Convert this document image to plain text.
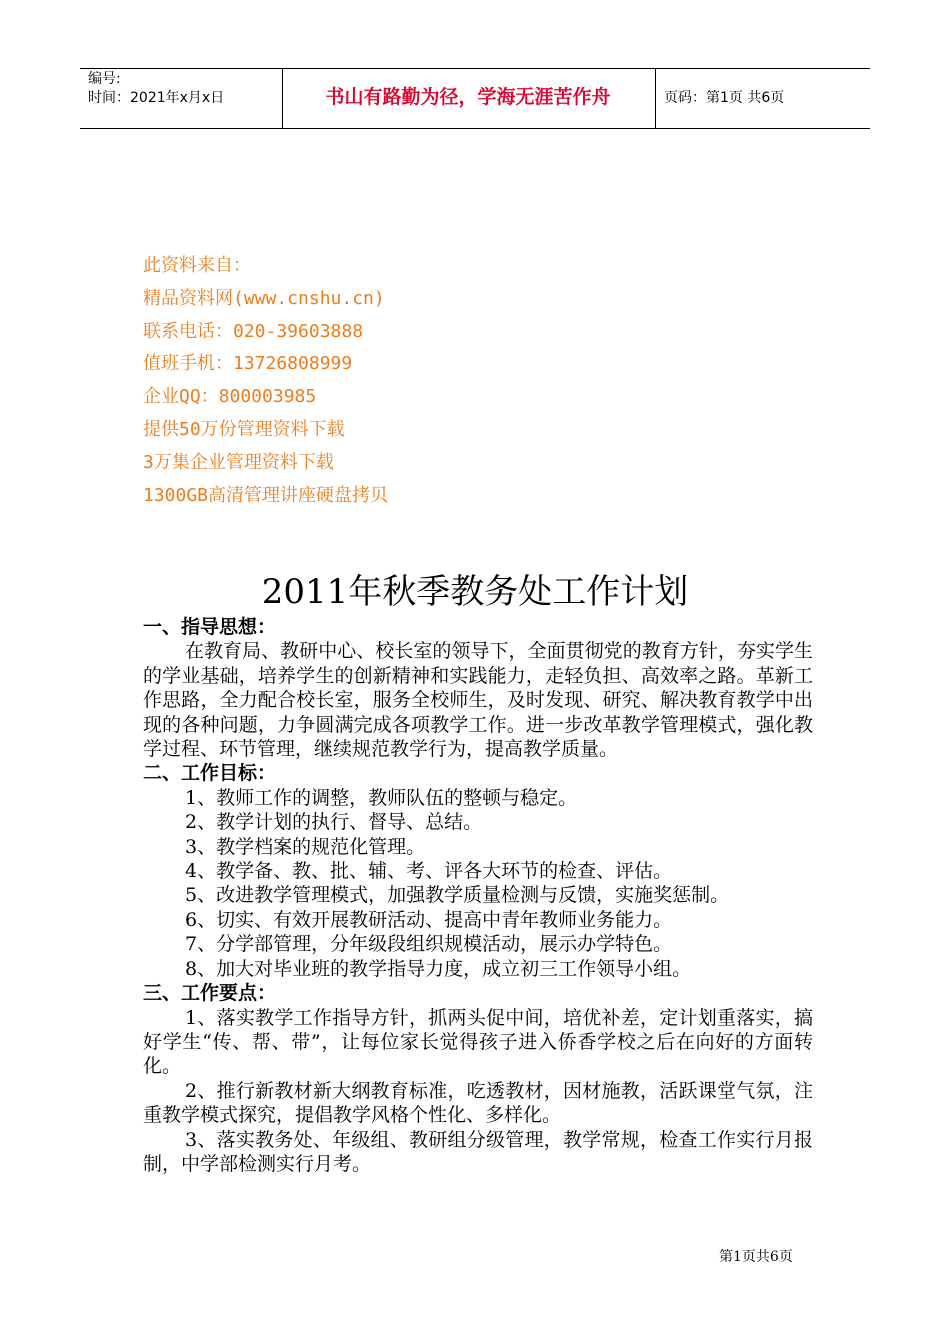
编号:
时间：2021年x月x日	书山有路勤为径，学海无涯苦作舟	页码：第1页 共6页
此资料来自：
精品资料网(www.cnshu.cn)
联系电话：020-39603888
值班手机：13726808999
企业QQ：800003985
提供50万份管理资料下载
3万集企业管理资料下载
1300GB高清管理讲座硬盘拷贝
2011年秋季教务处工作计划
一、指导思想：

在教育局、教研中心、校长室的领导下，全面贯彻党的教育方针，夯实学生的学业基础，培养学生的创新精神和实践能力，走轻负担、高效率之路。革新工作思路，全力配合校长室，服务全校师生，及时发现、研究、解决教育教学中出现的各种问题，力争圆满完成各项教学工作。进一步改革教学管理模式，强化教学过程、环节管理，继续规范教学行为，提高教学质量。

二、工作目标：
1、教师工作的调整，教师队伍的整顿与稳定。
2、教学计划的执行、督导、总结。
3、教学档案的规范化管理。
4、教学备、教、批、辅、考、评各大环节的检查、评估。
5、改进教学管理模式，加强教学质量检测与反馈，实施奖惩制。
6、切实、有效开展教研活动、提高中青年教师业务能力。
7、分学部管理，分年级段组织规模活动，展示办学特色。
8、加大对毕业班的教学指导力度，成立初三工作领导小组。
三、工作要点：

1、落实教学工作指导方针，抓两头促中间，培优补差，定计划重落实，搞好学生“传、帮、带”，让每位家长觉得孩子进入侨香学校之后在向好的方面转化。

2、推行新教材新大纲教育标准，吃透教材，因材施教，活跃课堂气氛，注重教学模式探究，提倡教学风格个性化、多样化。

3、落实教务处、年级组、教研组分级管理，教学常规，检查工作实行月报制，中学部检测实行月考。

第1页共6页
